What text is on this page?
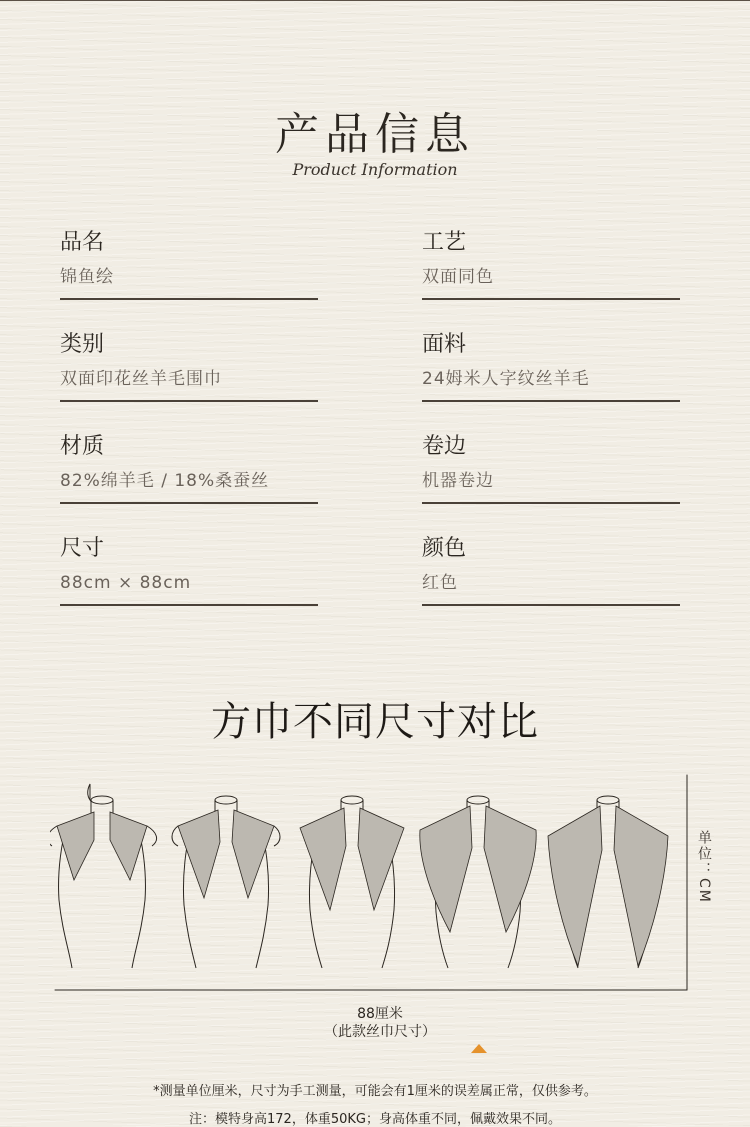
产品信息
Product Information
品名
锦鱼绘
工艺
双面同色
类别
双面印花丝羊毛围巾
面料
24姆米人字纹丝羊毛
材质
82%绵羊毛 / 18%桑蚕丝
卷边
机器卷边
尺寸
88cm × 88cm
颜色
红色
方巾不同尺寸对比
单位：CM
88厘米
（此款丝巾尺寸）
*测量单位厘米，尺寸为手工测量，可能会有1厘米的误差属正常，仅供参考。
注：模特身高172，体重50KG；身高体重不同，佩戴效果不同。
